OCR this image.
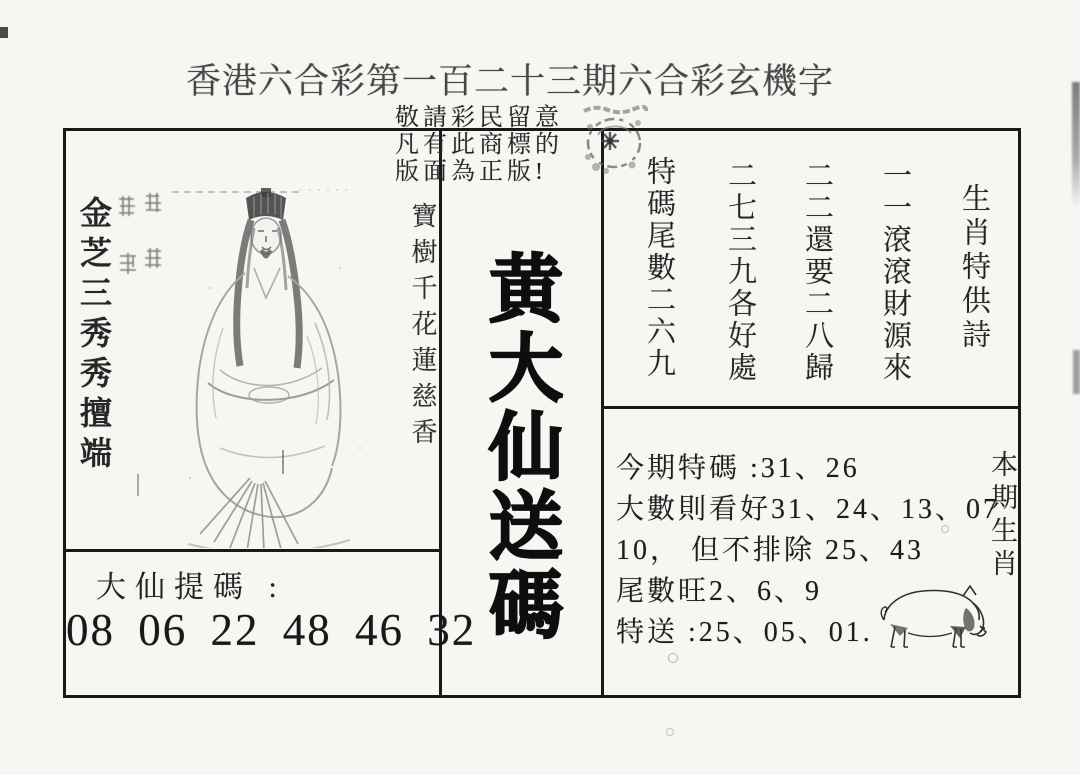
香港六合彩第一百二十三期六合彩玄機字
敬請彩民留意
凡有此商標的
版面為正版!
金芝三秀秀擅端	寶樹千花蓮慈香
大仙提碼 :
08 06 22 48 46 32 黄大仙送碼	生肖特供詩
一一滾滾財源來
二二還要二八歸
二七三九各好處
特碼尾數二六九
今期特碼 :31、26
大數則看好31、24、13、07
10， 但不排除 25、43
尾數旺2、6、9
特送 :25、05、01.
本期生肖
